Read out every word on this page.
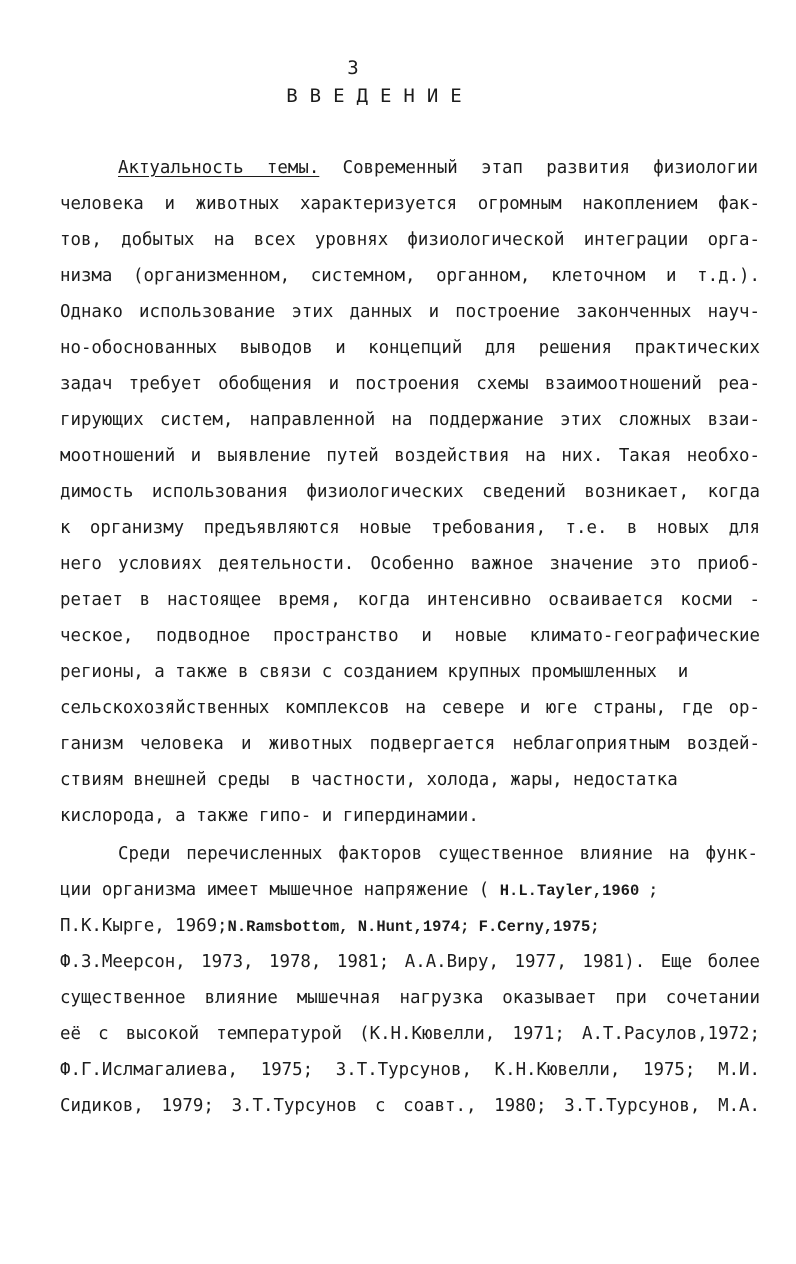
3
ВВЕДЕНИЕ
Актуальность темы. Современный этап развития физиологии
человека и животных характеризуется огромным накоплением фак-
тов, добытых на всех уровнях физиологической интеграции орга-
низма (организменном, системном, органном, клеточном и т.д.).
Однако использование этих данных и построение законченных науч-
но-обоснованных выводов и концепций для решения практических
задач требует обобщения и построения схемы взаимоотношений реа-
гирующих систем, направленной на поддержание этих сложных взаи-
моотношений и выявление путей воздействия на них. Такая необхо-
димость использования физиологических сведений возникает, когда
к организму предъявляются новые требования, т.е. в новых для
него условиях деятельности. Особенно важное значение это приоб-
ретает в настоящее время, когда интенсивно осваивается косми -
ческое, подводное пространство и новые климато-географические
регионы, а также в связи с созданием крупных промышленных  и
сельскохозяйственных комплексов на севере и юге страны, где ор-
ганизм человека и животных подвергается неблагоприятным воздей-
ствиям внешней среды  в частности, холода, жары, недостатка
кислорода, а также гипо- и гипердинамии.
Среди перечисленных факторов существенное влияние на функ-
ции организма имеет мышечное напряжение ( H.L.Tayler,1960 ;
П.К.Кырге, 1969;N.Ramsbottom, N.Hunt,1974; F.Cerny,1975;
Ф.З.Меерсон, 1973, 1978, 1981; А.А.Виру, 1977, 1981). Еще более
существенное влияние мышечная нагрузка оказывает при сочетании
её с высокой температурой (К.Н.Кювелли, 1971; А.Т.Расулов,1972;
Ф.Г.Ислмагалиева, 1975; З.Т.Турсунов, К.Н.Кювелли, 1975; М.И.
Сидиков, 1979; З.Т.Турсунов с соавт., 1980; З.Т.Турсунов, М.А.
